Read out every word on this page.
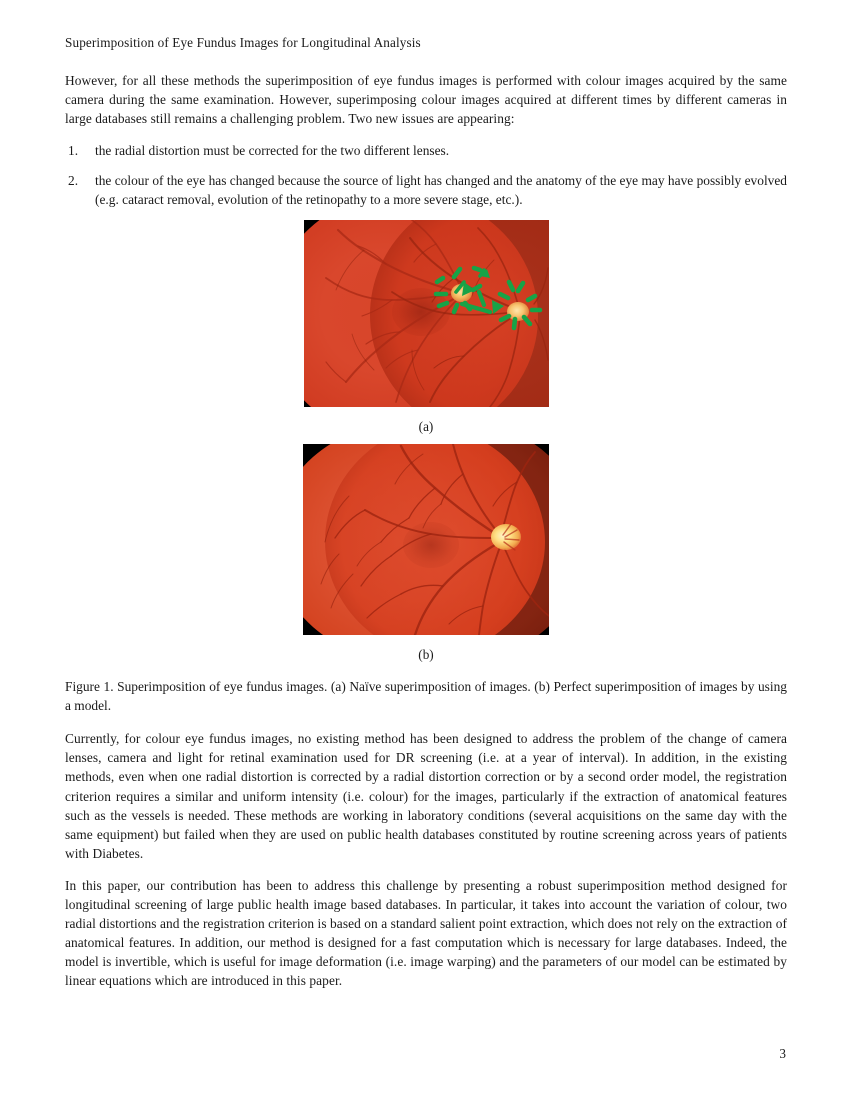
Superimposition of Eye Fundus Images for Longitudinal Analysis

However, for all these methods the superimposition of eye fundus images is performed with colour images acquired by the same camera during the same examination. However, superimposing colour images acquired at different times by different cameras in large databases still remains a challenging problem. Two new issues are appearing:

1.	the radial distortion must be corrected for the two different lenses.
2.	the colour of the eye has changed because the source of light has changed and the anatomy of the eye may have possibly evolved (e.g. cataract removal, evolution of the retinopathy to a more severe stage, etc.).
(a)
(b)
Figure 1. Superimposition of eye fundus images. (a) Naïve superimposition of images. (b) Perfect superimposition of images by using a model.

Currently, for colour eye fundus images, no existing method has been designed to address the problem of the change of camera lenses, camera and light for retinal examination used for DR screening (i.e. at a year of interval). In addition, in the existing methods, even when one radial distortion is corrected by a radial distortion correction or by a second order model, the registration criterion requires a similar and uniform intensity (i.e. colour) for the images, particularly if the extraction of anatomical features such as the vessels is needed. These methods are working in laboratory conditions (several acquisitions on the same day with the same equipment) but failed when they are used on public health databases constituted by routine screening across years of patients with Diabetes.

In this paper, our contribution has been to address this challenge by presenting a robust superimposition method designed for longitudinal screening of large public health image based databases. In particular, it takes into account the variation of colour, two radial distortions and the registration criterion is based on a standard salient point extraction, which does not rely on the extraction of anatomical features. In addition, our method is designed for a fast computation which is necessary for large databases. Indeed, the model is invertible, which is useful for image deformation (i.e. image warping) and the parameters of our model can be estimated by linear equations which are introduced in this paper.

3
